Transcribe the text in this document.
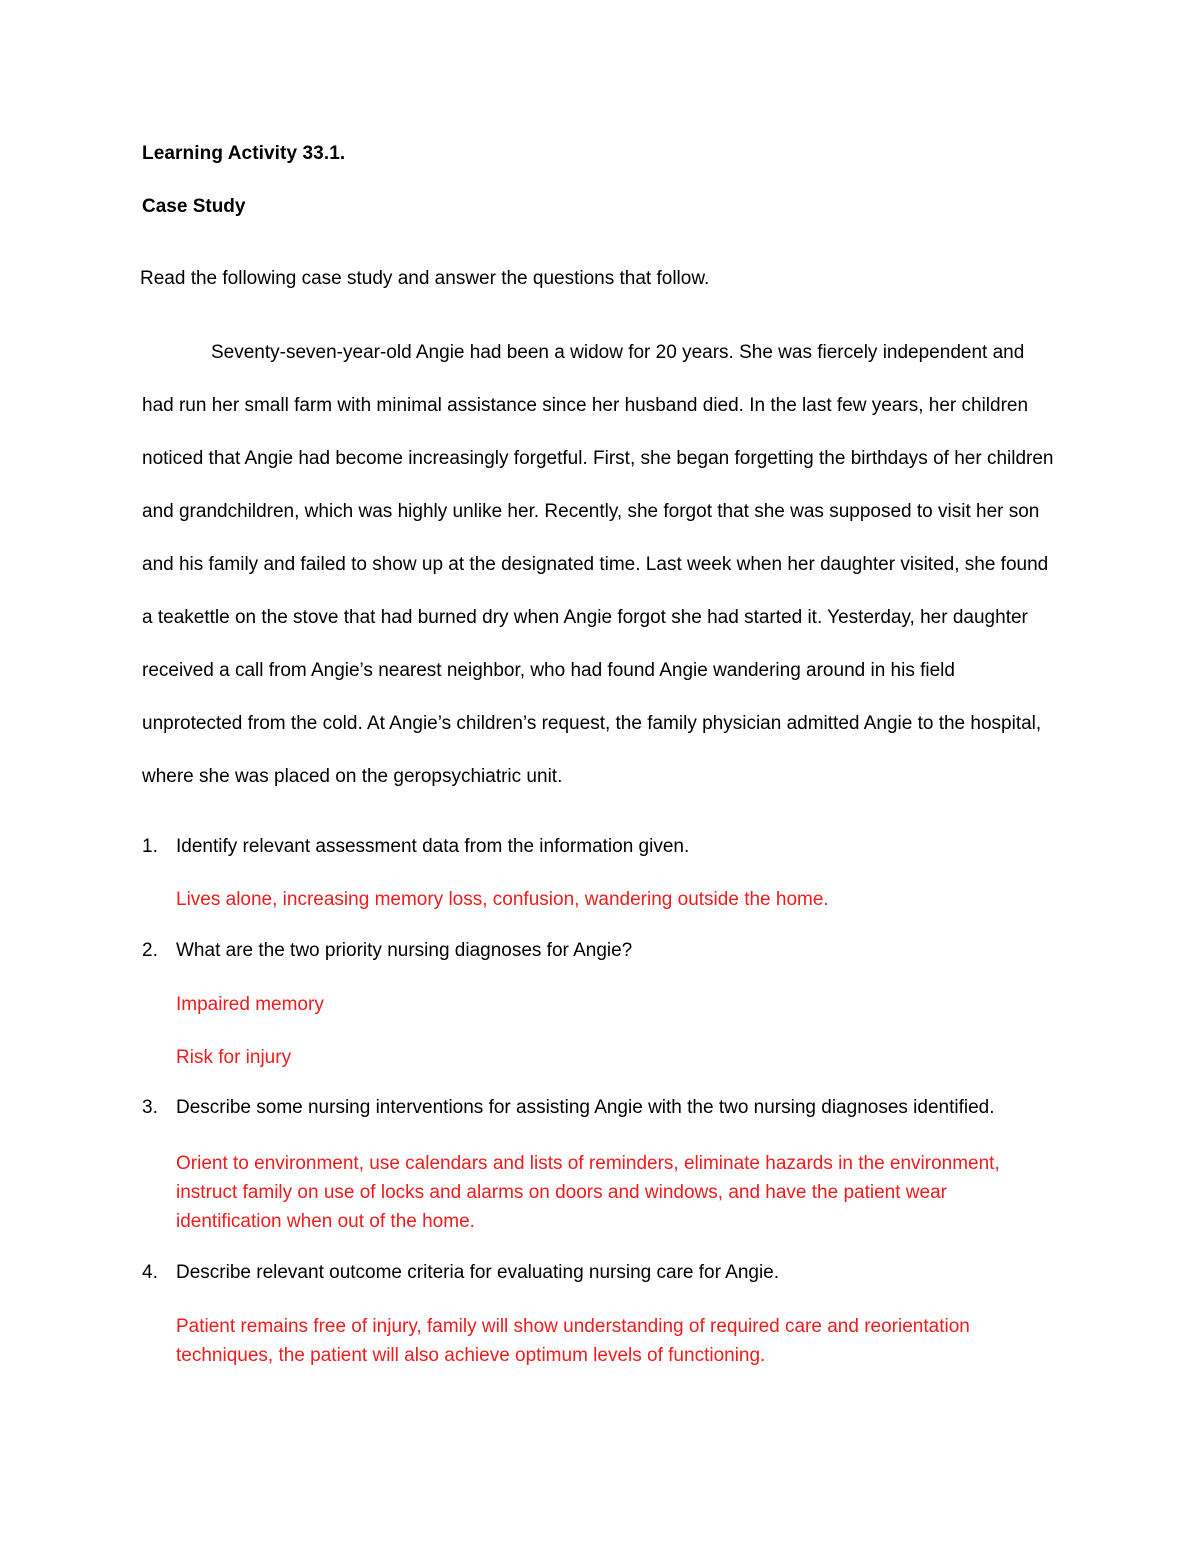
Learning Activity 33.1.
Case Study
Read the following case study and answer the questions that follow.

Seventy-seven-year-old Angie had been a widow for 20 years. She was fiercely independent and had run her small farm with minimal assistance since her husband died. In the last few years, her children noticed that Angie had become increasingly forgetful. First, she began forgetting the birthdays of her children and grandchildren, which was highly unlike her. Recently, she forgot that she was supposed to visit her son and his family and failed to show up at the designated time. Last week when her daughter visited, she found a teakettle on the stove that had burned dry when Angie forgot she had started it. Yesterday, her daughter received a call from Angie’s nearest neighbor, who had found Angie wandering around in his field unprotected from the cold. At Angie’s children’s request, the family physician admitted Angie to the hospital, where she was placed on the geropsychiatric unit.

1. Identify relevant assessment data from the information given.
Lives alone, increasing memory loss, confusion, wandering outside the home.
2. What are the two priority nursing diagnoses for Angie?
Impaired memory
Risk for injury
3. Describe some nursing interventions for assisting Angie with the two nursing diagnoses identified.
Orient to environment, use calendars and lists of reminders, eliminate hazards in the environment, instruct family on use of locks and alarms on doors and windows, and have the patient wear identification when out of the home.
4. Describe relevant outcome criteria for evaluating nursing care for Angie.
Patient remains free of injury, family will show understanding of required care and reorientation techniques, the patient will also achieve optimum levels of functioning.
